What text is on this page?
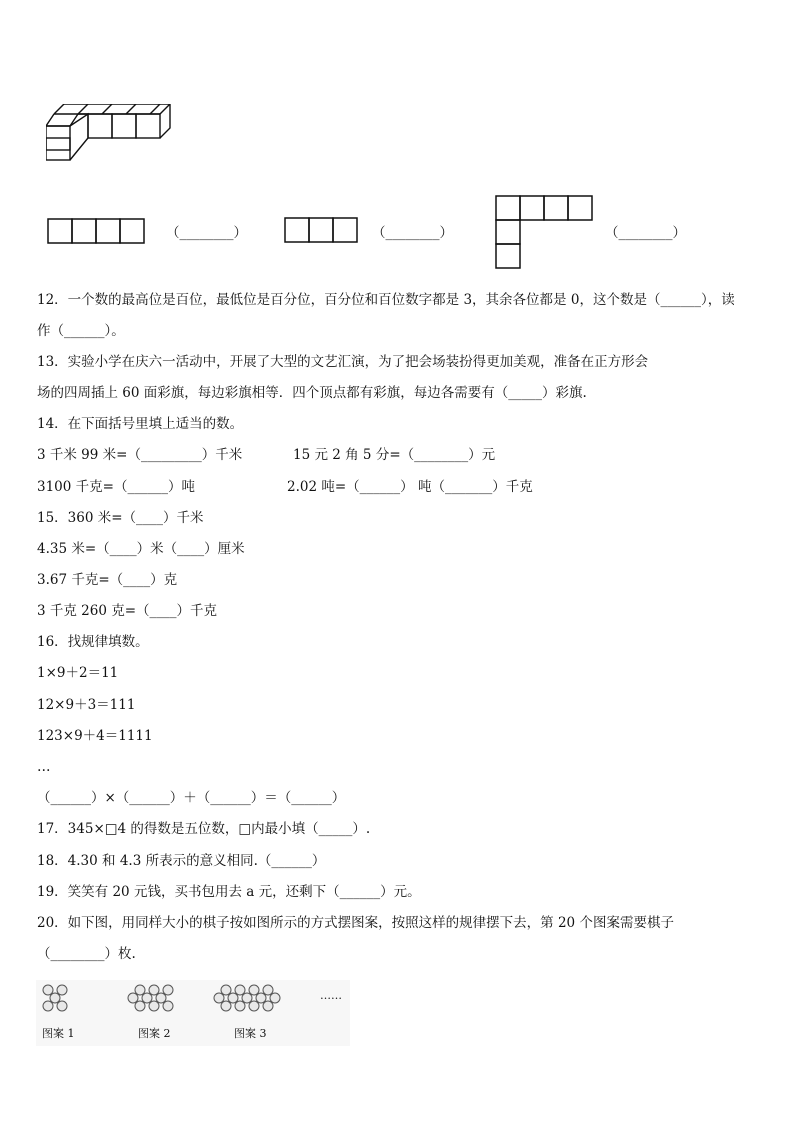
（________）	（________）	（________）
12．一个数的最高位是百位，最低位是百分位，百分位和百位数字都是 3，其余各位都是 0，这个数是（______），读
作（______）。
13．实验小学在庆六一活动中，开展了大型的文艺汇演，为了把会场装扮得更加美观，准备在正方形会
场的四周插上 60 面彩旗，每边彩旗相等．四个顶点都有彩旗，每边各需要有（_____）彩旗.
14．在下面括号里填上适当的数。
3 千米 99 米=（_________）千米	15 元 2 角 5 分=（________）元
3100 千克=（______）吨	2.02 吨=（______） 吨（_______）千克
15．360 米=（____）千米
4.35 米=（____）米（____）厘米
3.67 千克=（____）克
3 千克 260 克=（____）千克
16．找规律填数。
1×9＋2＝11
12×9＋3＝111
123×9＋4＝1111
…
（______）×（______）＋（______）＝（______）
17．345×□4 的得数是五位数，□内最小填（_____）.
18．4.30 和 4.3 所表示的意义相同.（______）
19．笑笑有 20 元钱，买书包用去 a 元，还剩下（______）元。
20．如下图，用同样大小的棋子按如图所示的方式摆图案，按照这样的规律摆下去，第 20 个图案需要棋子
（________）枚.
……
图案 1	图案 2	图案 3
